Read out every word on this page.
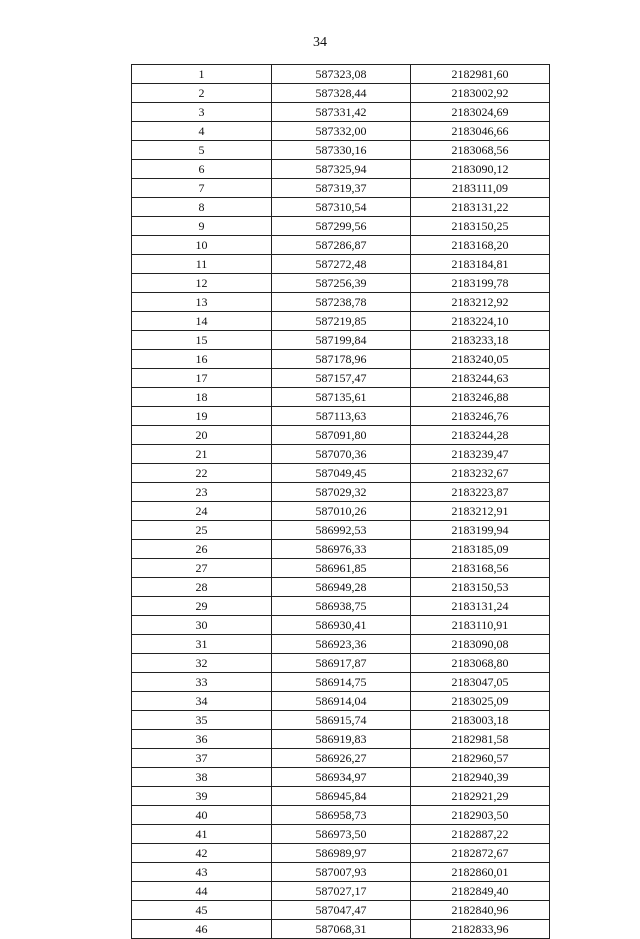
34
1	587323,08	2182981,60
2	587328,44	2183002,92
3	587331,42	2183024,69
4	587332,00	2183046,66
5	587330,16	2183068,56
6	587325,94	2183090,12
7	587319,37	2183111,09
8	587310,54	2183131,22
9	587299,56	2183150,25
10	587286,87	2183168,20
11	587272,48	2183184,81
12	587256,39	2183199,78
13	587238,78	2183212,92
14	587219,85	2183224,10
15	587199,84	2183233,18
16	587178,96	2183240,05
17	587157,47	2183244,63
18	587135,61	2183246,88
19	587113,63	2183246,76
20	587091,80	2183244,28
21	587070,36	2183239,47
22	587049,45	2183232,67
23	587029,32	2183223,87
24	587010,26	2183212,91
25	586992,53	2183199,94
26	586976,33	2183185,09
27	586961,85	2183168,56
28	586949,28	2183150,53
29	586938,75	2183131,24
30	586930,41	2183110,91
31	586923,36	2183090,08
32	586917,87	2183068,80
33	586914,75	2183047,05
34	586914,04	2183025,09
35	586915,74	2183003,18
36	586919,83	2182981,58
37	586926,27	2182960,57
38	586934,97	2182940,39
39	586945,84	2182921,29
40	586958,73	2182903,50
41	586973,50	2182887,22
42	586989,97	2182872,67
43	587007,93	2182860,01
44	587027,17	2182849,40
45	587047,47	2182840,96
46	587068,31	2182833,96
